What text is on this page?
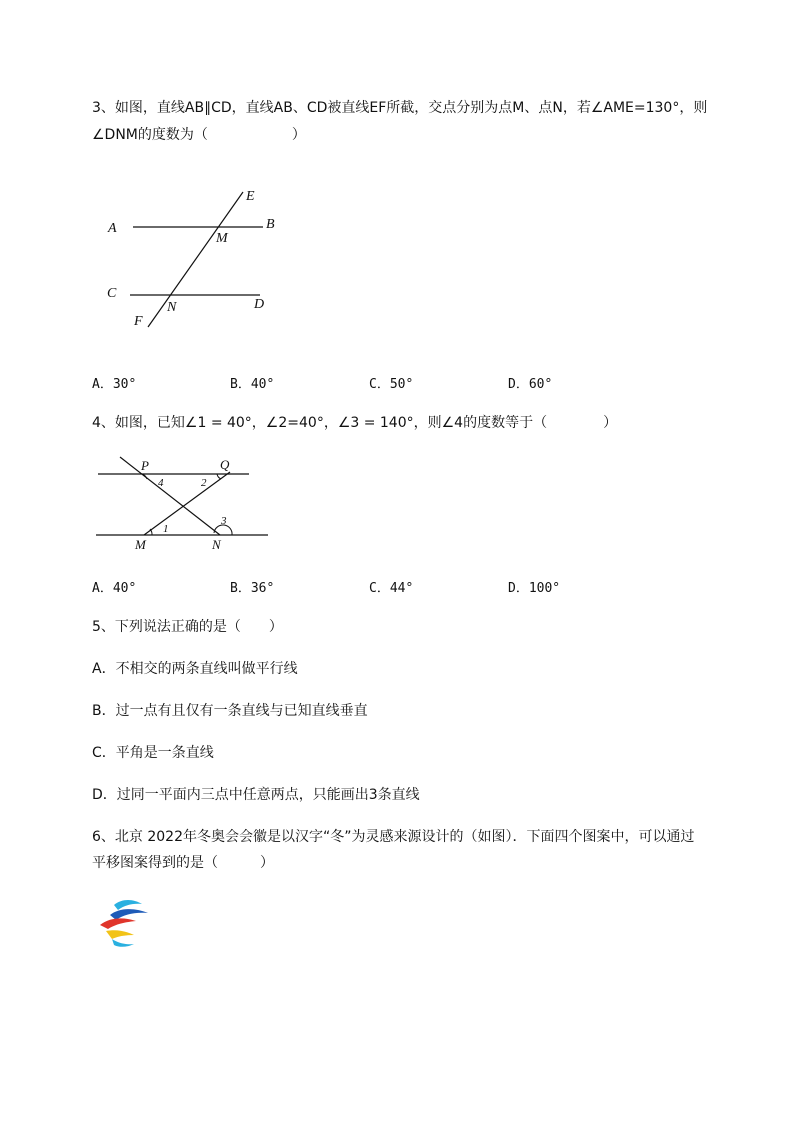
3、如图，直线AB∥CD，直线AB、CD被直线EF所截，交点分别为点M、点N，若∠AME=130°，则
∠DNM的度数为（　　　　　　）
A	B
C
D
E
F
M
N
A．30°	B．40°	C．50°	D．60°
4、如图，已知∠1 = 40°，∠2=40°，∠3 = 140°，则∠4的度数等于（　　　　）
P	Q
M	N
1
2
3
4
A．40°	B．36°	C．44°	D．100°
5、下列说法正确的是（　　）
A．不相交的两条直线叫做平行线
B．过一点有且仅有一条直线与已知直线垂直
C．平角是一条直线
D．过同一平面内三点中任意两点，只能画出3条直线
6、北京 2022年冬奥会会徽是以汉字“冬”为灵感来源设计的（如图）．下面四个图案中，可以通过
平移图案得到的是（　　　）
